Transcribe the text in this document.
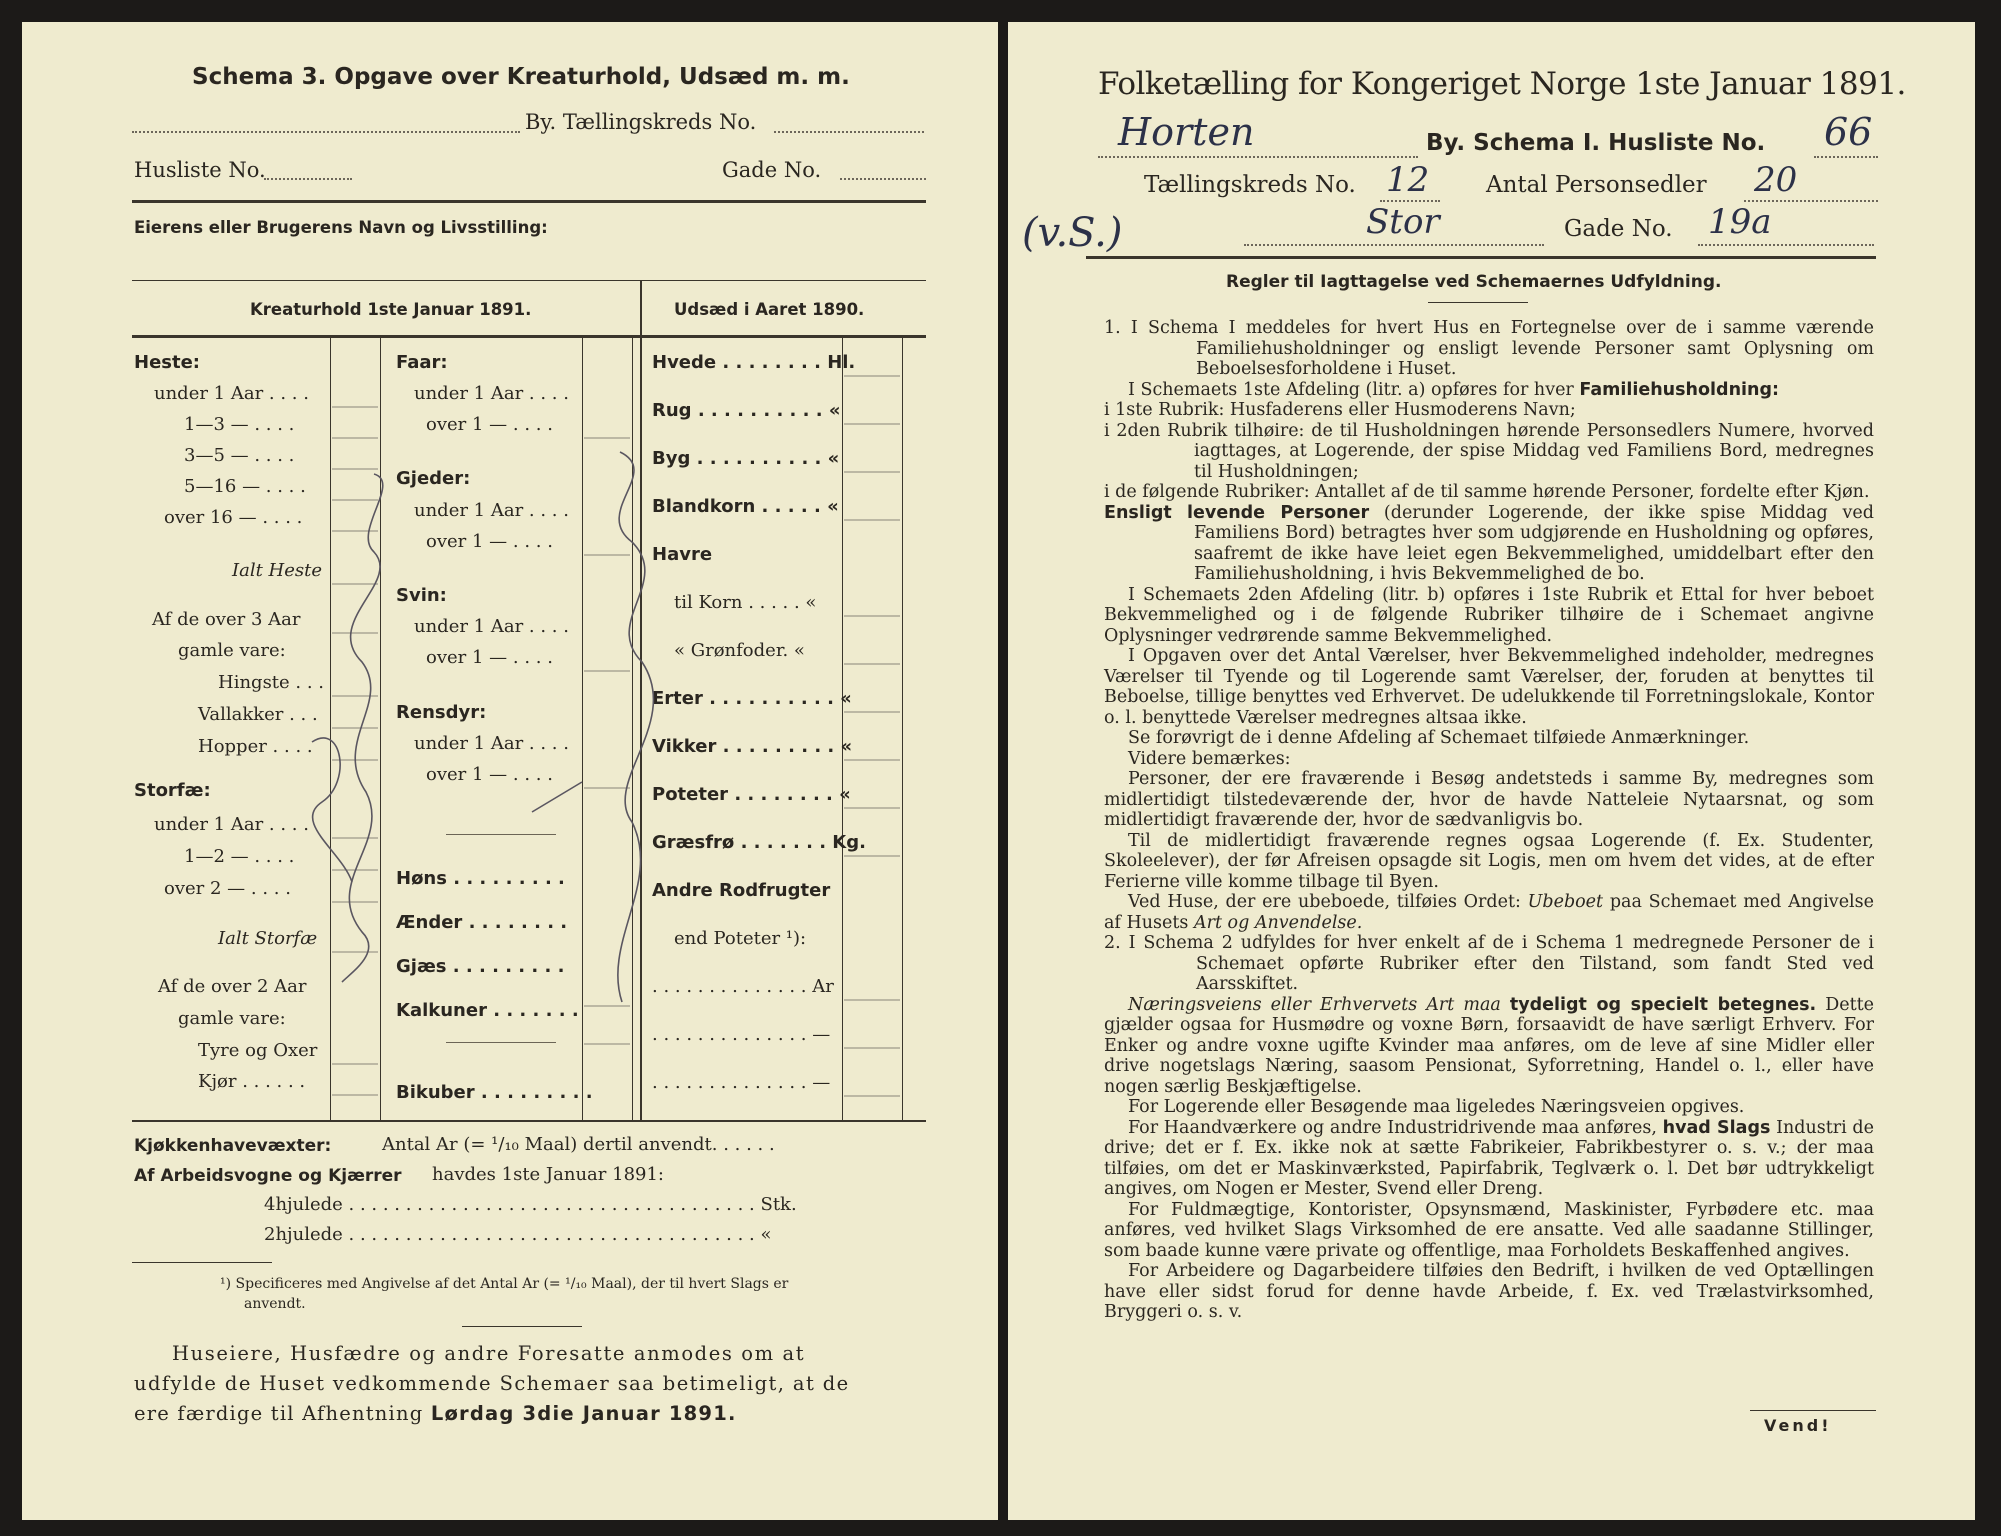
Schema 3. Opgave over Kreaturhold, Udsæd m. m.
By. Tællingskreds No.
Husliste No.	Gade No.
Eierens eller Brugerens Navn og Livsstilling:
Kreaturhold 1ste Januar 1891.	Udsæd i Aaret 1890.
Heste:
under 1 Aar . . . .
1—3 — . . . .
3—5 — . . . .
5—16 — . . . .
over 16 — . . . .
Ialt Heste
Af de over 3 Aar
gamle vare:
Hingste . . .
Vallakker . . .
Hopper . . . .
Storfæ:
under 1 Aar . . . .
1—2 — . . . .
over 2 — . . . .
Ialt Storfæ
Af de over 2 Aar
gamle vare:
Tyre og Oxer
Kjør . . . . . .
Faar:
under 1 Aar . . . .
over 1 — . . . .
Gjeder:
under 1 Aar . . . .
over 1 — . . . .
Svin:
under 1 Aar . . . .
over 1 — . . . .
Rensdyr:
under 1 Aar . . . .
over 1 — . . . .
Høns . . . . . . . . .
Ænder . . . . . . . .
Gjæs . . . . . . . . .
Kalkuner . . . . . . .
Bikuber . . . . . . . . .
Hvede . . . . . . . . Hl.
Rug . . . . . . . . . . «
Byg . . . . . . . . . . «
Blandkorn . . . . . «
Havre
til Korn . . . . . «
« Grønfoder. «
Erter . . . . . . . . . . «
Vikker . . . . . . . . . «
Poteter . . . . . . . . «
Græsfrø . . . . . . . Kg.
Andre Rodfrugter
end Poteter ¹):
. . . . . . . . . . . . . . Ar
. . . . . . . . . . . . . . —
. . . . . . . . . . . . . . —
Kjøkkenhavevæxter:	Antal Ar (= ¹/₁₀ Maal) dertil anvendt. . . . . .
Af Arbeidsvogne og Kjærrer havdes 1ste Januar 1891:
4hjulede . . . . . . . . . . . . . . . . . . . . . . . . . . . . . . . . . . . . Stk.
2hjulede . . . . . . . . . . . . . . . . . . . . . . . . . . . . . . . . . . . . «
¹) Specificeres med Angivelse af det Antal Ar (= ¹/₁₀ Maal), der til hvert Slags er
anvendt.
Huseiere, Husfædre og andre Foresatte anmodes om at
udfylde de Huset vedkommende Schemaer saa betimeligt, at de
ere færdige til Afhentning Lørdag 3die Januar 1891.
Folketælling for Kongeriget Norge 1ste Januar 1891.
Horten	By. Schema I. Husliste No. 66
Tællingskreds No. 12 Antal Personsedler 20
(v.S.)	Stor	Gade No. 19a
Regler til Iagttagelse ved Schemaernes Udfyldning.

1. I Schema I meddeles for hvert Hus en Fortegnelse over de i samme værende Familiehusholdninger og ensligt levende Personer samt Oplysning om Beboelsesforholdene i Huset.

I Schemaets 1ste Afdeling (litr. a) opføres for hver Familiehusholdning:

i 1ste Rubrik: Husfaderens eller Husmoderens Navn;

i 2den Rubrik tilhøire: de til Husholdningen hørende Personsedlers Numere, hvorved iagttages, at Logerende, der spise Middag ved Familiens Bord, medregnes til Husholdningen;

i de følgende Rubriker: Antallet af de til samme hørende Personer, fordelte efter Kjøn.

Ensligt levende Personer (derunder Logerende, der ikke spise Middag ved Familiens Bord) betragtes hver som udgjørende en Husholdning og opføres, saafremt de ikke have leiet egen Bekvemmelighed, umiddelbart efter den Familiehusholdning, i hvis Bekvemmelighed de bo.

I Schemaets 2den Afdeling (litr. b) opføres i 1ste Rubrik et Ettal for hver beboet Bekvemmelighed og i de følgende Rubriker tilhøire de i Schemaet angivne Oplysninger vedrørende samme Bekvemmelighed.

I Opgaven over det Antal Værelser, hver Bekvemmelighed indeholder, medregnes Værelser til Tyende og til Logerende samt Værelser, der, foruden at benyttes til Beboelse, tillige benyttes ved Erhvervet. De udelukkende til Forretningslokale, Kontor o. l. benyttede Værelser medregnes altsaa ikke.

Se forøvrigt de i denne Afdeling af Schemaet tilføiede Anmærkninger.

Videre bemærkes:

Personer, der ere fraværende i Besøg andetsteds i samme By, medregnes som midlertidigt tilstedeværende der, hvor de havde Natteleie Nytaarsnat, og som midlertidigt fraværende der, hvor de sædvanligvis bo.

Til de midlertidigt fraværende regnes ogsaa Logerende (f. Ex. Studenter, Skoleelever), der før Afreisen opsagde sit Logis, men om hvem det vides, at de efter Ferierne ville komme tilbage til Byen.

Ved Huse, der ere ubeboede, tilføies Ordet: Ubeboet paa Schemaet med Angivelse af Husets Art og Anvendelse.

2. I Schema 2 udfyldes for hver enkelt af de i Schema 1 medregnede Personer de i Schemaet opførte Rubriker efter den Tilstand, som fandt Sted ved Aarsskiftet.

Næringsveiens eller Erhvervets Art maa tydeligt og specielt betegnes. Dette gjælder ogsaa for Husmødre og voxne Børn, forsaavidt de have særligt Erhverv. For Enker og andre voxne ugifte Kvinder maa anføres, om de leve af sine Midler eller drive nogetslags Næring, saasom Pensionat, Syforretning, Handel o. l., eller have nogen særlig Beskjæftigelse.

For Logerende eller Besøgende maa ligeledes Næringsveien opgives.

For Haandværkere og andre Industridrivende maa anføres, hvad Slags Industri de drive; det er f. Ex. ikke nok at sætte Fabrikeier, Fabrikbestyrer o. s. v.; der maa tilføies, om det er Maskinværksted, Papirfabrik, Teglværk o. l. Det bør udtrykkeligt angives, om Nogen er Mester, Svend eller Dreng.

For Fuldmægtige, Kontorister, Opsynsmænd, Maskinister, Fyrbødere etc. maa anføres, ved hvilket Slags Virksomhed de ere ansatte. Ved alle saadanne Stillinger, som baade kunne være private og offentlige, maa Forholdets Beskaffenhed angives.

For Arbeidere og Dagarbeidere tilføies den Bedrift, i hvilken de ved Optællingen have eller sidst forud for denne havde Arbeide, f. Ex. ved Trælastvirksomhed, Bryggeri o. s. v.

Vend!
